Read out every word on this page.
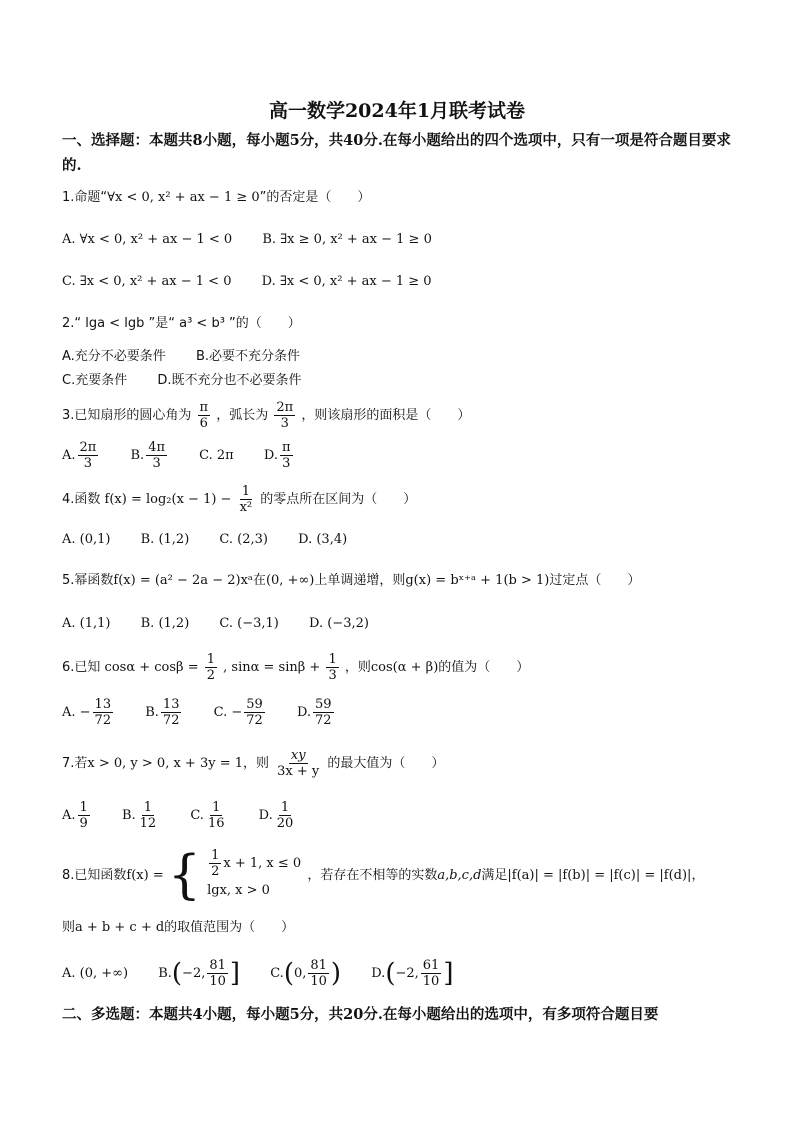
高一数学2024年1月联考试卷
一、选择题：本题共8小题，每小题5分，共40分.在每小题给出的四个选项中，只有一项是符合题目要求的.
1.命题“∀x < 0, x² + ax − 1 ≥ 0”的否定是（　　）
A. ∀x < 0, x² + ax − 1 < 0 B. ∃x ≥ 0, x² + ax − 1 ≥ 0
C. ∃x < 0, x² + ax − 1 < 0 D. ∃x < 0, x² + ax − 1 ≥ 0
2.“ lga < lgb ”是“ a³ < b³ ”的（　　）
A.充分不必要条件 B.必要不充分条件
C.充要条件 D.既不充分也不必要条件
3.已知扇形的圆心角为 $\frac{\pi}{6}$ ，弧长为 $\frac{2\pi}{3}$ ，则该扇形的面积是（　　）
A. $\frac{2\pi}{3} B$. $\frac{4\pi}{3} C$. 2π D. $\frac{\pi}{3}$
4.函数 $f(x) = \log_2(x - 1) - \frac{1}{\text{x²}}$ 的零点所在区间为（　　）
A. (0,1) B. (1,2) C. (2,3) D. (3,4)
5.幂函数f(x) = (a² − 2a − 2)xᵃ在(0, +∞)上单调递增，则g(x) = bˣ⁺ᵃ + 1(b > 1)过定点（　　）
A. (1,1) B. (1,2) C. (−3,1) D. (−3,2)
6.已知 $\cos\alpha + \cos\beta = \frac{1}{2}$ , $\sin\alpha = \sin\beta + \frac{1}{3}$ ，则cos(α + β)的值为（　　）
A. − $\frac{13}{72} B$. $\frac{13}{72} C$. − $\frac{59}{72} D$. $\frac{59}{72}$
7.若x > 0, y > 0, x + 3y = 1，则 $\frac{xy}{3x + y}$ 的最大值为（　　）
A. $\frac{1}{9} B$. $\frac{1}{12} C$. $\frac{1}{16} D$. $\frac{1}{20}$
8.已知函数f(x) = { $\frac{1}{2}$ x + 1, x ≤ 0
lgx, x > 0
，若存在不相等的实数a,b,c,d满足|f(a)| = |f(b)| = |f(c)| = |f(d)|，
则a + b + c + d的取值范围为（　　）
A. (0, +∞) B.(−2, $\frac{81}{10}$ ] C.(0, $\frac{81}{10}$ ) D.(−2, $\frac{61}{10}$ ]
二、多选题：本题共4小题，每小题5分，共20分.在每小题给出的选项中，有多项符合题目要
